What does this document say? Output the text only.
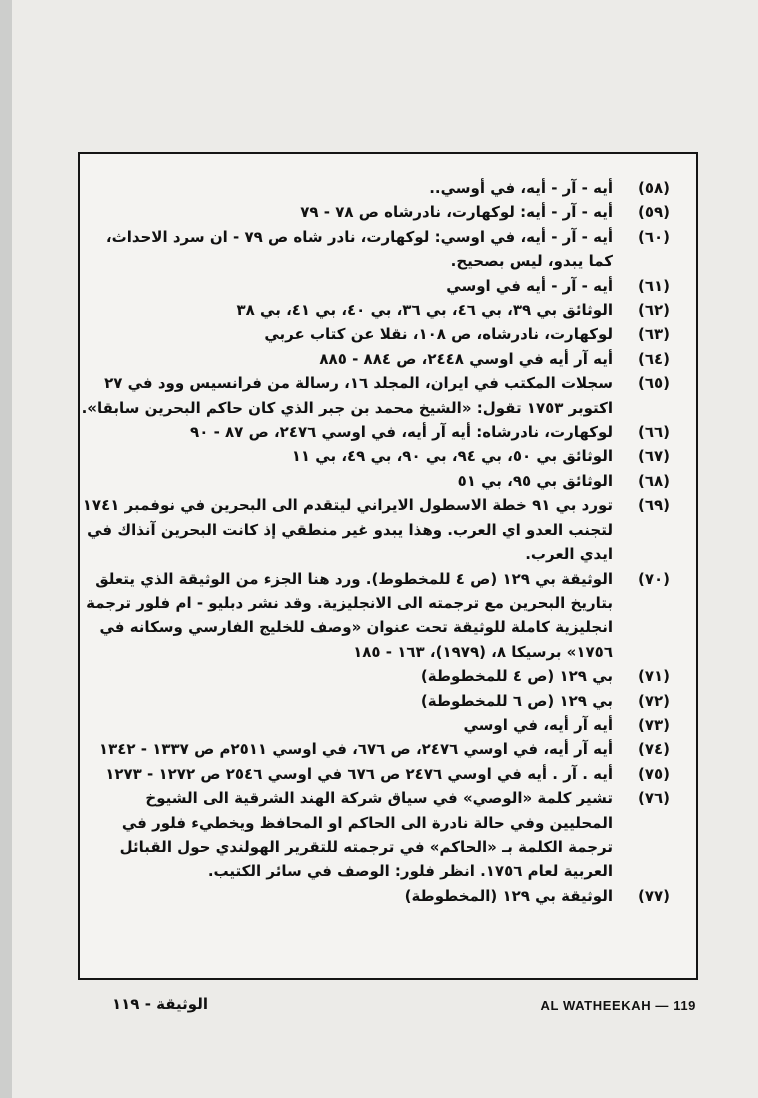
(٥٨)
أيه - آر - أيه، في أوسي..
(٥٩)
أيه - آر - أيه: لوكهارت، نادرشاه ص ٧٨ - ٧٩
(٦٠)
أيه - آر - أيه، في اوسي: لوكهارت، نادر شاه ص ٧٩ - ان سرد الاحداث، كما يبدو، ليس بصحيح.
(٦١)
أيه - آر - أيه في اوسي
(٦٢)
الوثائق بي ٣٩، بي ٤٦، بي ٣٦، بي ٤٠، بي ٤١، بي ٣٨
(٦٣)
لوكهارت، نادرشاه، ص ١٠٨، نقلا عن كتاب عربي
(٦٤)
أيه آر أيه في اوسي ٢٤٤٨، ص ٨٨٤ - ٨٨٥
(٦٥)
سجلات المكتب في ايران، المجلد ١٦، رسالة من فرانسيس وود في ٢٧ اكتوبر ١٧٥٣ تقول: «الشيخ محمد بن جبر الذي كان حاكم البحرين سابقا».
(٦٦)
لوكهارت، نادرشاه: أيه آر أيه، في اوسي ٢٤٧٦، ص ٨٧ - ٩٠
(٦٧)
الوثائق بي ٥٠، بي ٩٤، بي ٩٠، بي ٤٩، بي ١١
(٦٨)
الوثائق بي ٩٥، بي ٥١
(٦٩)
تورد بي ٩١ خطة الاسطول الايراني ليتقدم الى البحرين في نوفمبر ١٧٤١ لتجنب العدو اي العرب. وهذا يبدو غير منطقي إذ كانت البحرين آنذاك في ايدي العرب.
(٧٠)
الوثيقة بي ١٢٩ (ص ٤ للمخطوط). ورد هنا الجزء من الوثيقة الذي يتعلق بتاريخ البحرين مع ترجمته الى الانجليزية. وقد نشر دبليو - ام فلور ترجمة انجليزية كاملة للوثيقة تحت عنوان «وصف للخليج الفارسي وسكانه في ١٧٥٦» برسيكا ٨، (١٩٧٩)، ١٦٣ - ١٨٥
(٧١)
بي ١٢٩ (ص ٤ للمخطوطة)
(٧٢)
بي ١٢٩ (ص ٦ للمخطوطة)
(٧٣)
أيه آر أيه، في اوسي
(٧٤)
أيه آر أيه، في اوسي ٢٤٧٦، ص ٦٧٦، في اوسي ٢٥١١م ص ١٣٣٧ - ١٣٤٢
(٧٥)
أيه . آر . أيه في اوسي ٢٤٧٦ ص ٦٧٦ في اوسي ٢٥٤٦ ص ١٢٧٢ - ١٢٧٣
(٧٦)
تشير كلمة «الوصي» في سياق شركة الهند الشرقية الى الشيوخ المحليين وفي حالة نادرة الى الحاكم او المحافظ ويخطيء فلور في ترجمة الكلمة بـ «الحاكم» في ترجمته للتقرير الهولندي حول القبائل العربية لعام ١٧٥٦. انظر فلور: الوصف في سائر الكتيب.
(٧٧)
الوثيقة بي ١٢٩ (المخطوطة)
الوثيقة - ١١٩	AL WATHEEKAH — 119
